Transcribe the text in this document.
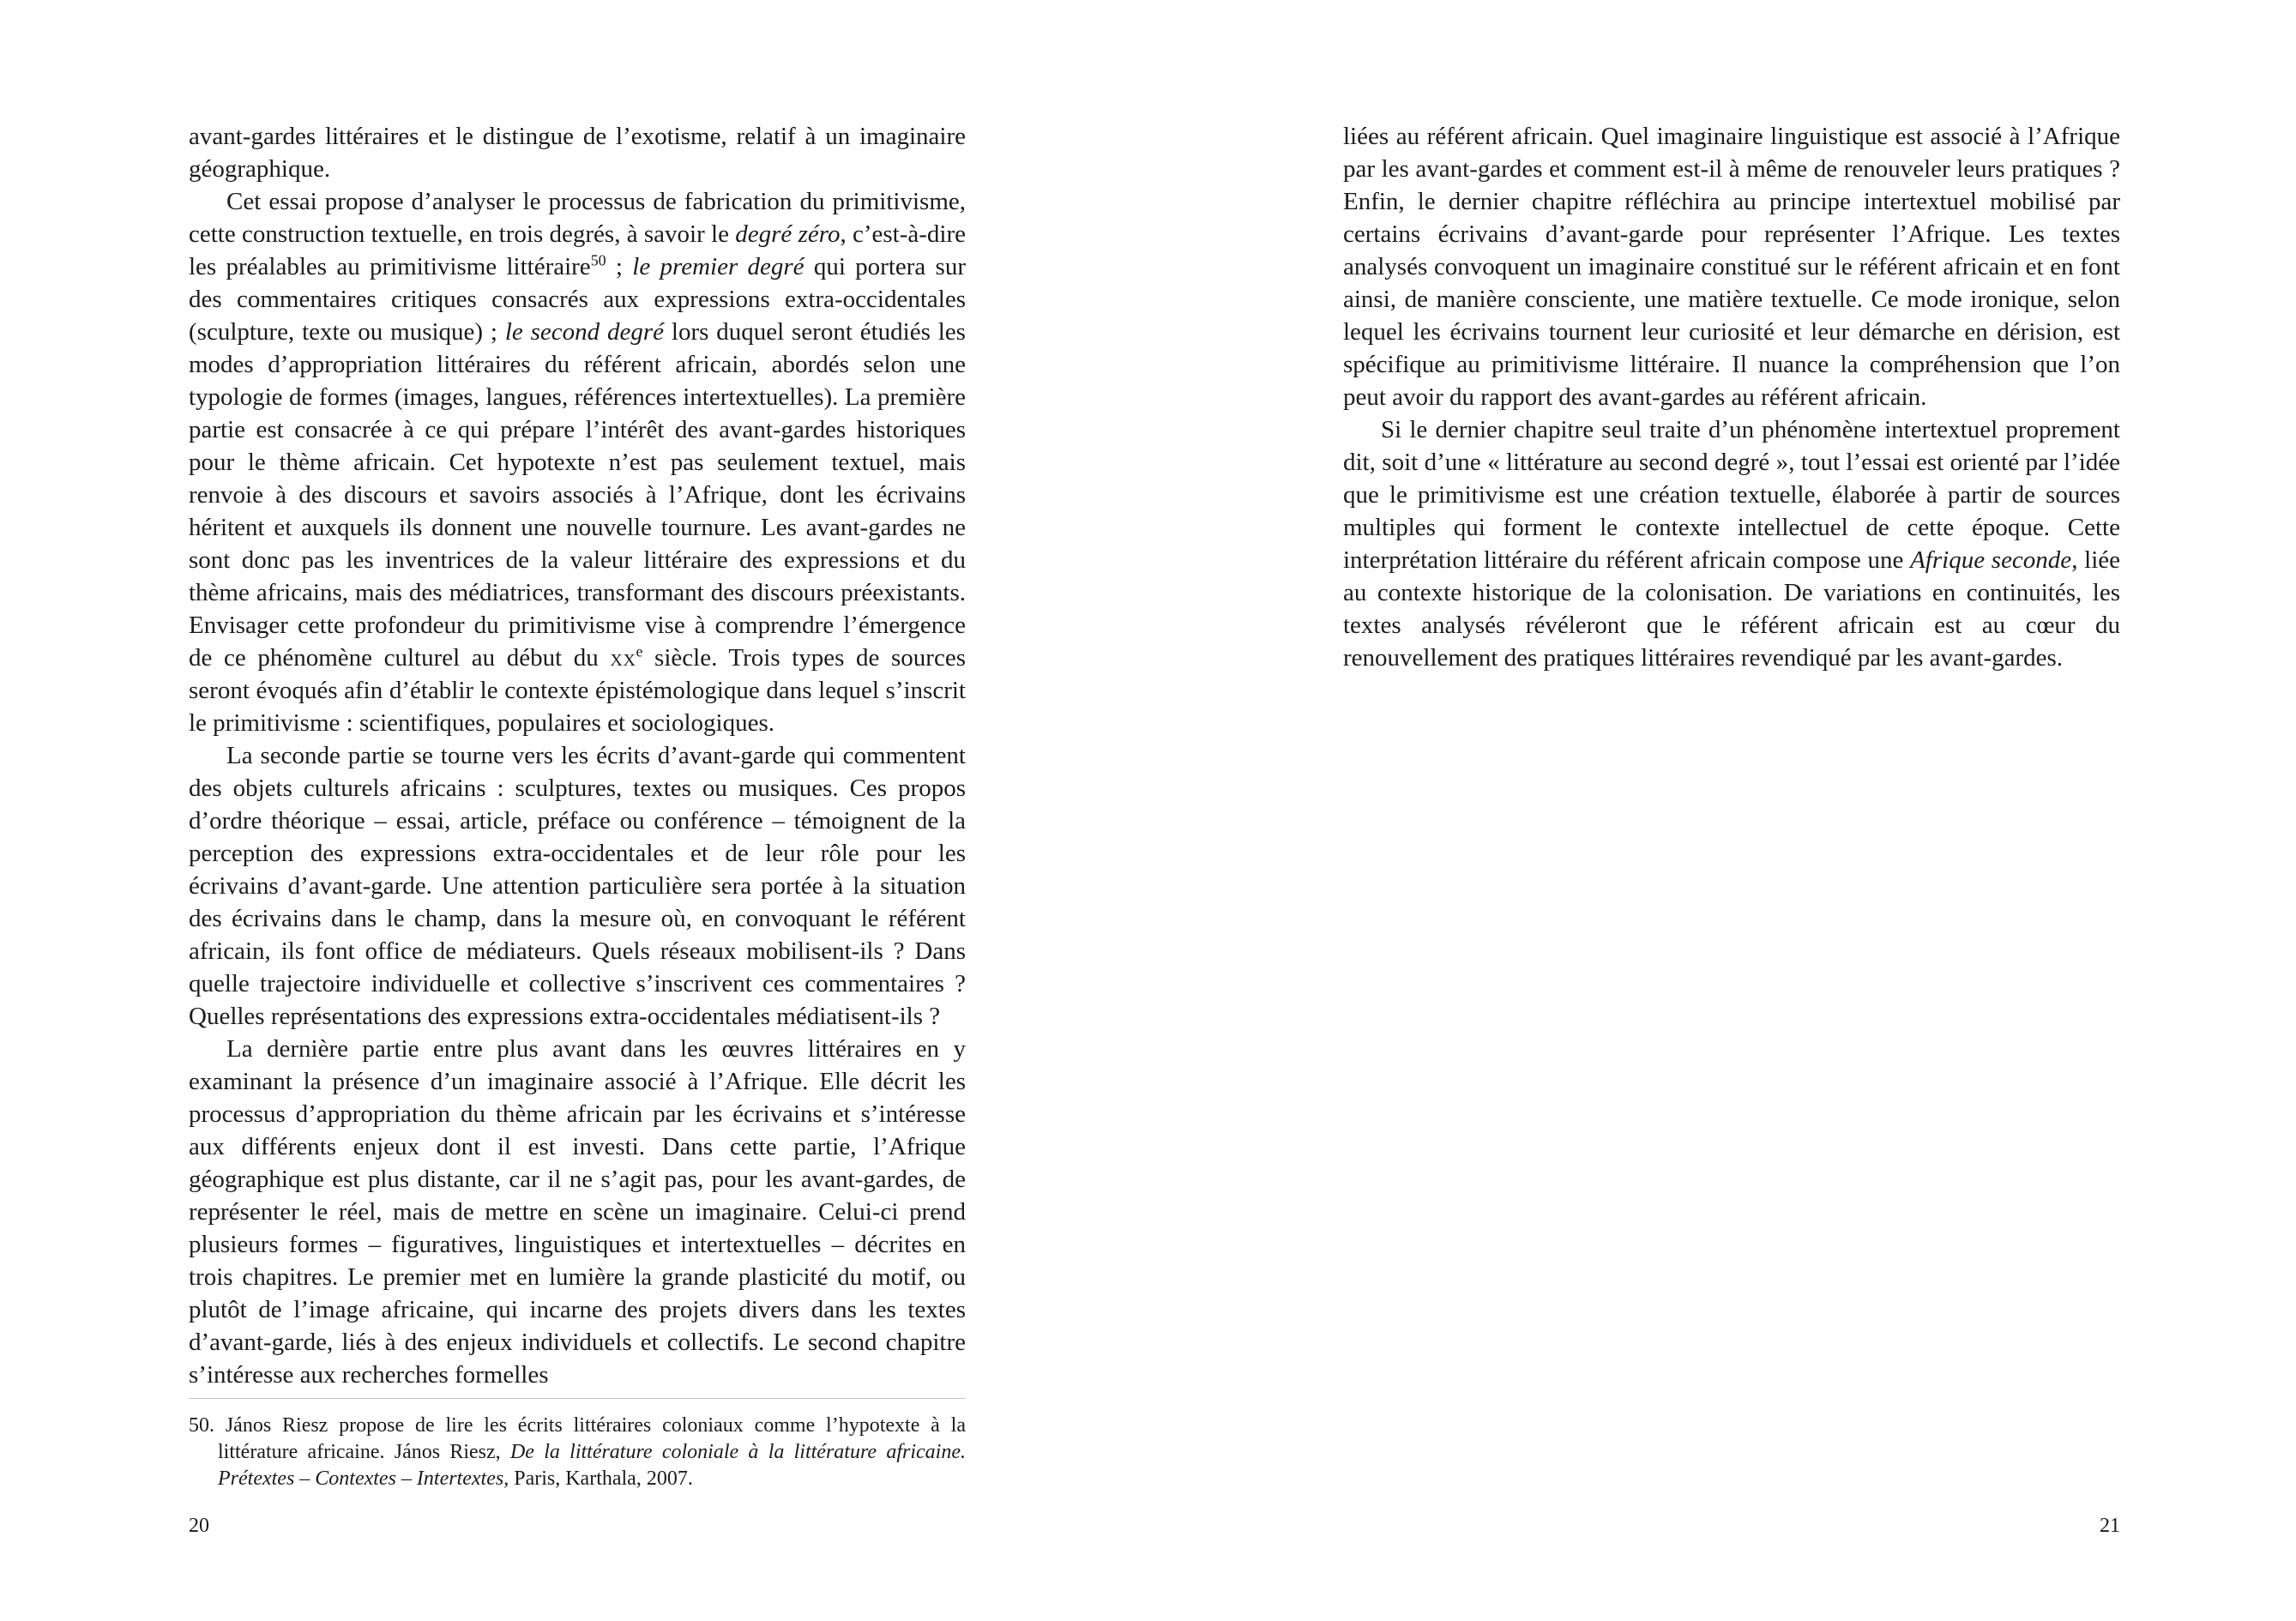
avant-gardes littéraires et le distingue de l’exotisme, relatif à un imaginaire géographique.

Cet essai propose d’analyser le processus de fabrication du primitivisme, cette construction textuelle, en trois degrés, à savoir le degré zéro, c’est-à-dire les préalables au primitivisme littéraire$^{50}$ ; le premier degré qui portera sur des commentaires critiques consacrés aux expressions extra-occidentales (sculpture, texte ou musique) ; le second degré lors duquel seront étudiés les modes d’appropriation littéraires du référent africain, abordés selon une typologie de formes (images, langues, références intertextuelles). La première partie est consacrée à ce qui prépare l’intérêt des avant-gardes historiques pour le thème africain. Cet hypotexte n’est pas seulement textuel, mais renvoie à des discours et savoirs associés à l’Afrique, dont les écrivains héritent et auxquels ils donnent une nouvelle tournure. Les avant-gardes ne sont donc pas les inventrices de la valeur littéraire des expressions et du thème africains, mais des médiatrices, transformant des discours préexistants. Envisager cette profondeur du primitivisme vise à comprendre l’émergence de ce phénomène culturel au début du $xx^e$ siècle. Trois types de sources seront évoqués afin d’établir le contexte épistémologique dans lequel s’inscrit le primitivisme : scientifiques, populaires et sociologiques.

La seconde partie se tourne vers les écrits d’avant-garde qui commentent des objets culturels africains : sculptures, textes ou musiques. Ces propos d’ordre théorique – essai, article, préface ou conférence – témoignent de la perception des expressions extra-occidentales et de leur rôle pour les écrivains d’avant-garde. Une attention particulière sera portée à la situation des écrivains dans le champ, dans la mesure où, en convoquant le référent africain, ils font office de médiateurs. Quels réseaux mobilisent-ils ? Dans quelle trajectoire individuelle et collective s’inscrivent ces commentaires ? Quelles représentations des expressions extra-occidentales médiatisent-ils ?

La dernière partie entre plus avant dans les œuvres littéraires en y examinant la présence d’un imaginaire associé à l’Afrique. Elle décrit les processus d’appropriation du thème africain par les écrivains et s’intéresse aux différents enjeux dont il est investi. Dans cette partie, l’Afrique géographique est plus distante, car il ne s’agit pas, pour les avant-gardes, de représenter le réel, mais de mettre en scène un imaginaire. Celui-ci prend plusieurs formes – figuratives, linguistiques et intertextuelles – décrites en trois chapitres. Le premier met en lumière la grande plasticité du motif, ou plutôt de l’image africaine, qui incarne des projets divers dans les textes d’avant-garde, liés à des enjeux individuels et collectifs. Le second chapitre s’intéresse aux recherches formelles

50. János Riesz propose de lire les écrits littéraires coloniaux comme l’hypotexte à la littérature africaine. János Riesz, De la littérature coloniale à la littérature africaine. Prétextes – Contextes – Intertextes, Paris, Karthala, 2007.

20

liées au référent africain. Quel imaginaire linguistique est associé à l’Afrique par les avant-gardes et comment est-il à même de renouveler leurs pratiques ? Enfin, le dernier chapitre réfléchira au principe intertextuel mobilisé par certains écrivains d’avant-garde pour représenter l’Afrique. Les textes analysés convoquent un imaginaire constitué sur le référent africain et en font ainsi, de manière consciente, une matière textuelle. Ce mode ironique, selon lequel les écrivains tournent leur curiosité et leur démarche en dérision, est spécifique au primitivisme littéraire. Il nuance la compréhension que l’on peut avoir du rapport des avant-gardes au référent africain.

Si le dernier chapitre seul traite d’un phénomène intertextuel proprement dit, soit d’une « littérature au second degré », tout l’essai est orienté par l’idée que le primitivisme est une création textuelle, élaborée à partir de sources multiples qui forment le contexte intellectuel de cette époque. Cette interprétation littéraire du référent africain compose une Afrique seconde, liée au contexte historique de la colonisation. De variations en continuités, les textes analysés révéleront que le référent africain est au cœur du renouvellement des pratiques littéraires revendiqué par les avant-gardes.

21
